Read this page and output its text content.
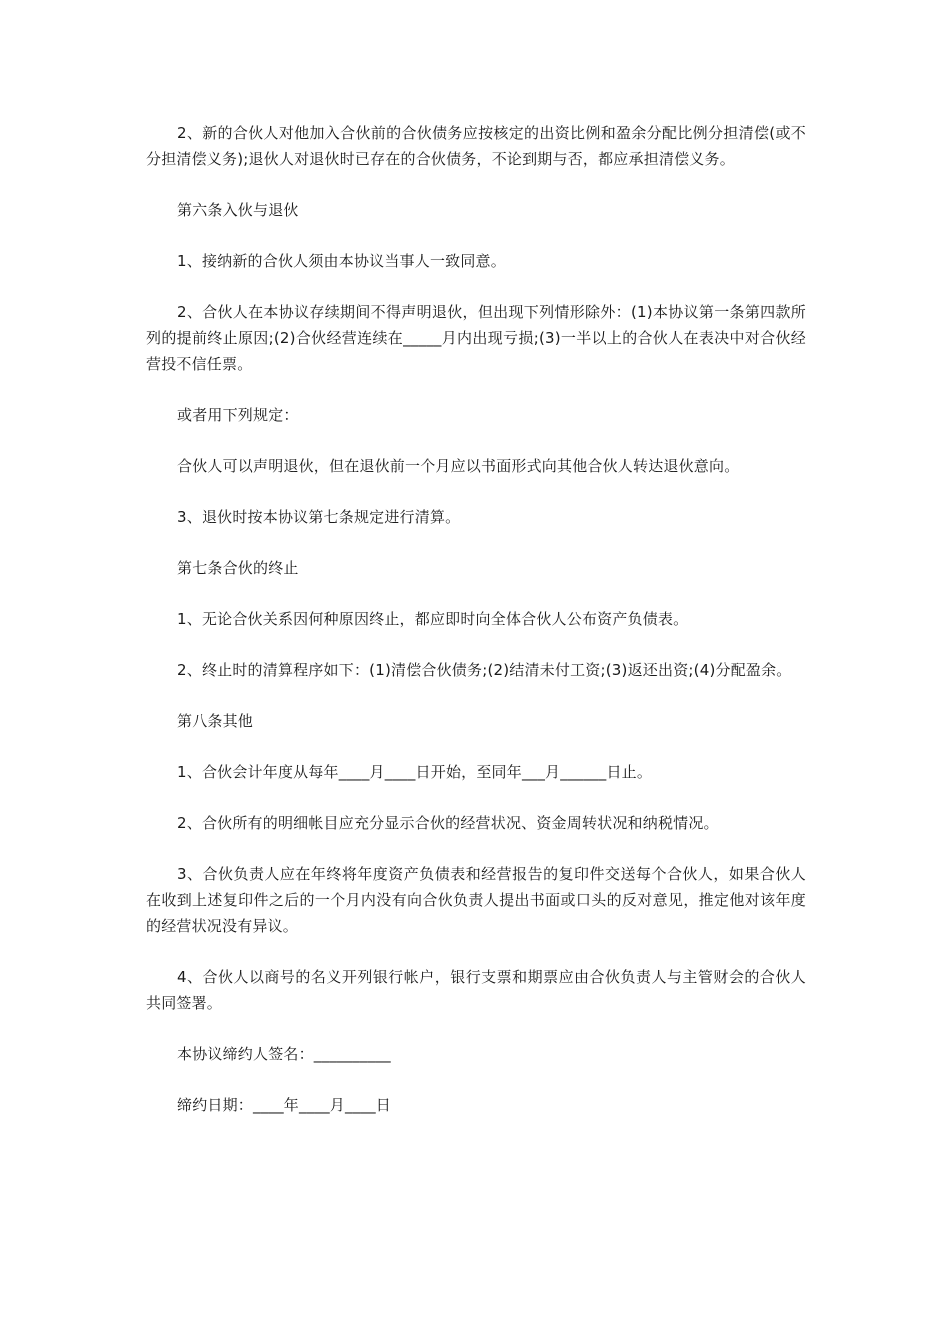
2、新的合伙人对他加入合伙前的合伙债务应按核定的出资比例和盈余分配比例分担清偿(或不分担清偿义务);退伙人对退伙时已存在的合伙债务，不论到期与否，都应承担清偿义务。

第六条入伙与退伙

1、接纳新的合伙人须由本协议当事人一致同意。

2、合伙人在本协议存续期间不得声明退伙，但出现下列情形除外：(1)本协议第一条第四款所列的提前终止原因;(2)合伙经营连续在_____月内出现亏损;(3)一半以上的合伙人在表决中对合伙经营投不信任票。

或者用下列规定：

合伙人可以声明退伙，但在退伙前一个月应以书面形式向其他合伙人转达退伙意向。

3、退伙时按本协议第七条规定进行清算。

第七条合伙的终止

1、无论合伙关系因何种原因终止，都应即时向全体合伙人公布资产负债表。

2、终止时的清算程序如下：(1)清偿合伙债务;(2)结清未付工资;(3)返还出资;(4)分配盈余。

第八条其他

1、合伙会计年度从每年____月____日开始，至同年___月______日止。

2、合伙所有的明细帐目应充分显示合伙的经营状况、资金周转状况和纳税情况。

3、合伙负责人应在年终将年度资产负债表和经营报告的复印件交送每个合伙人，如果合伙人在收到上述复印件之后的一个月内没有向合伙负责人提出书面或口头的反对意见，推定他对该年度的经营状况没有异议。

4、合伙人以商号的名义开列银行帐户，银行支票和期票应由合伙负责人与主管财会的合伙人共同签署。

本协议缔约人签名：__________

缔约日期：____年____月____日
